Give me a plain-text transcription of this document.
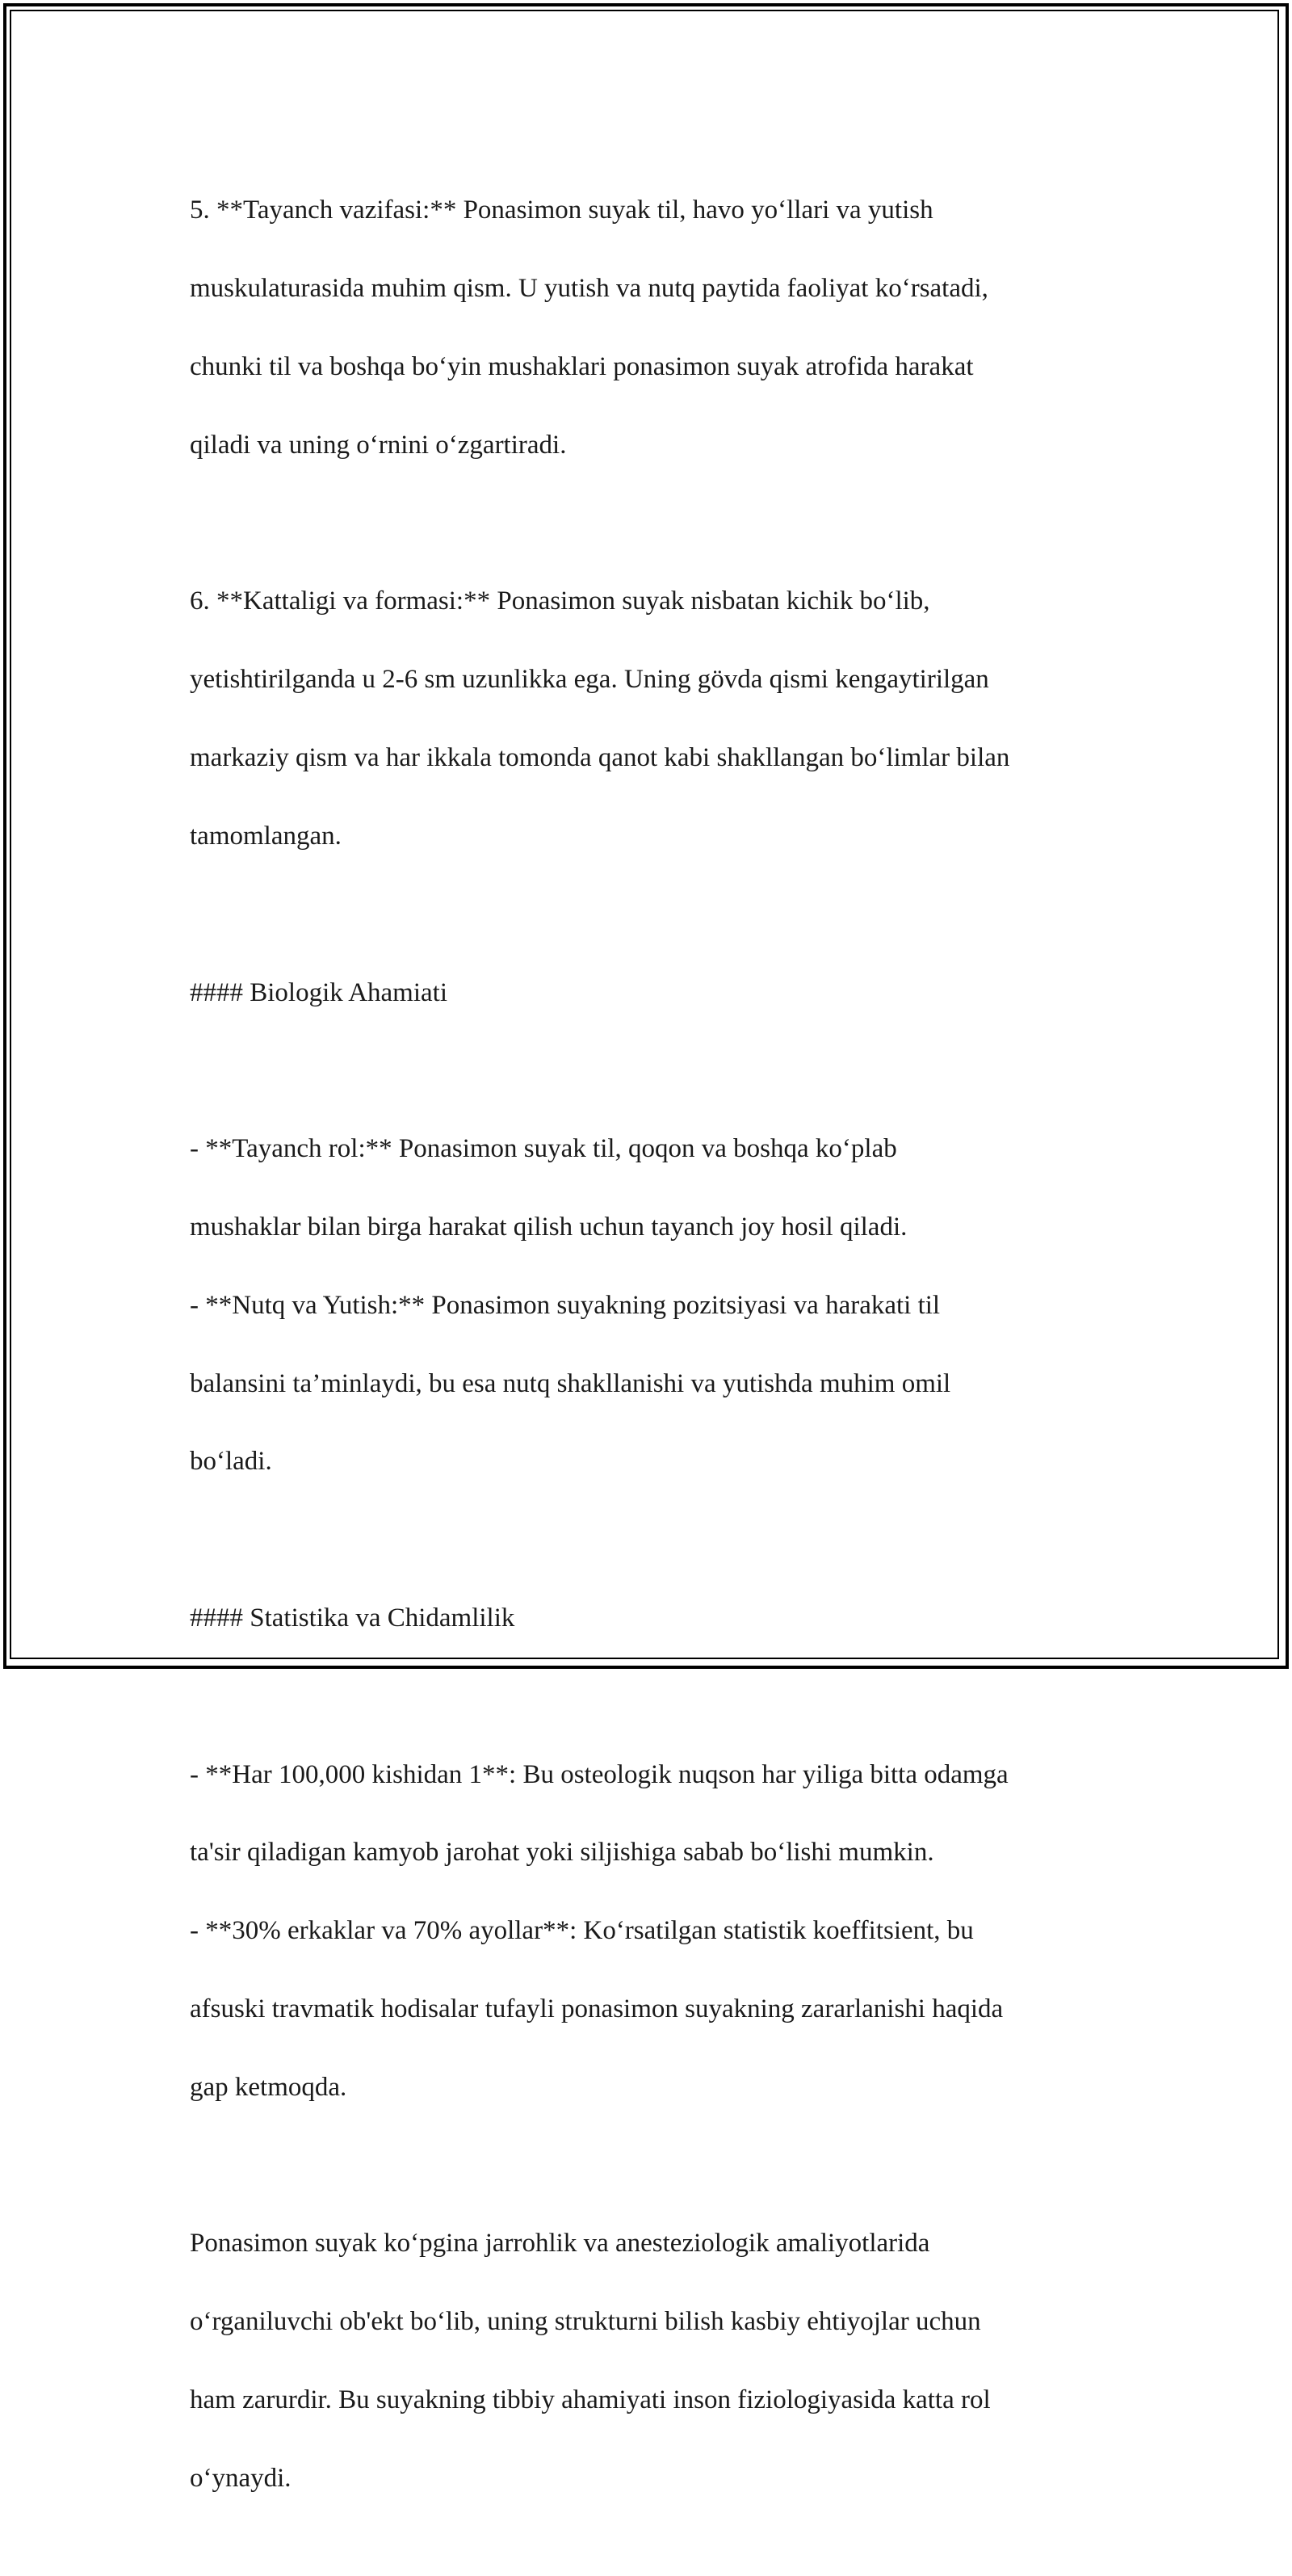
5. **Tayanch vazifasi:** Ponasimon suyak til, havo yo‘llari va yutish

muskulaturasida muhim qism. U yutish va nutq paytida faoliyat ko‘rsatadi,

chunki til va boshqa bo‘yin mushaklari ponasimon suyak atrofida harakat

qiladi va uning o‘rnini o‘zgartiradi.

6. **Kattaligi va formasi:** Ponasimon suyak nisbatan kichik bo‘lib,

yetishtirilganda u 2-6 sm uzunlikka ega. Uning gövda qismi kengaytirilgan

markaziy qism va har ikkala tomonda qanot kabi shakllangan bo‘limlar bilan

tamomlangan.

#### Biologik Ahamiati

- **Tayanch rol:** Ponasimon suyak til, qoqon va boshqa ko‘plab

mushaklar bilan birga harakat qilish uchun tayanch joy hosil qiladi.

- **Nutq va Yutish:** Ponasimon suyakning pozitsiyasi va harakati til

balansini ta’minlaydi, bu esa nutq shakllanishi va yutishda muhim omil

bo‘ladi.

#### Statistika va Chidamlilik

- **Har 100,000 kishidan 1**: Bu osteologik nuqson har yiliga bitta odamga

ta'sir qiladigan kamyob jarohat yoki siljishiga sabab bo‘lishi mumkin.

- **30% erkaklar va 70% ayollar**: Ko‘rsatilgan statistik koeffitsient, bu

afsuski travmatik hodisalar tufayli ponasimon suyakning zararlanishi haqida

gap ketmoqda.

Ponasimon suyak ko‘pgina jarrohlik va anesteziologik amaliyotlarida

o‘rganiluvchi ob'ekt bo‘lib, uning strukturni bilish kasbiy ehtiyojlar uchun

ham zarurdir. Bu suyakning tibbiy ahamiyati inson fiziologiyasida katta rol

o‘ynaydi.
